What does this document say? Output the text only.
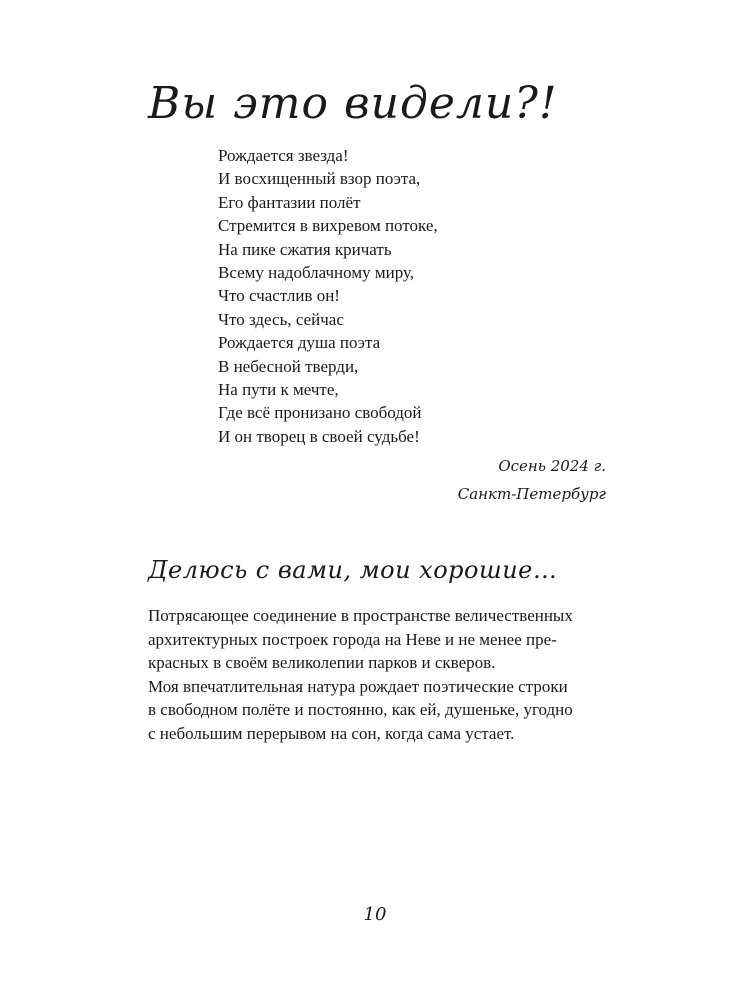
Вы это видели?!
Рождается звезда!
И восхищенный взор поэта,
Его фантазии полёт
Стремится в вихревом потоке,
На пике сжатия кричать
Всему надоблачному миру,
Что счастлив он!
Что здесь, сейчас
Рождается душа поэта
В небесной тверди,
На пути к мечте,
Где всё пронизано свободой
И он творец в своей судьбе!
Осень 2024 г.
Санкт-Петербург
Делюсь с вами, мои хорошие…
Потрясающее соединение в пространстве величественных
архитектурных построек города на Неве и не менее пре-
красных в своём великолепии парков и скверов.
Моя впечатлительная натура рождает поэтические строки
в свободном полёте и постоянно, как ей, душеньке, угодно
с небольшим перерывом на сон, когда сама устает.
10
